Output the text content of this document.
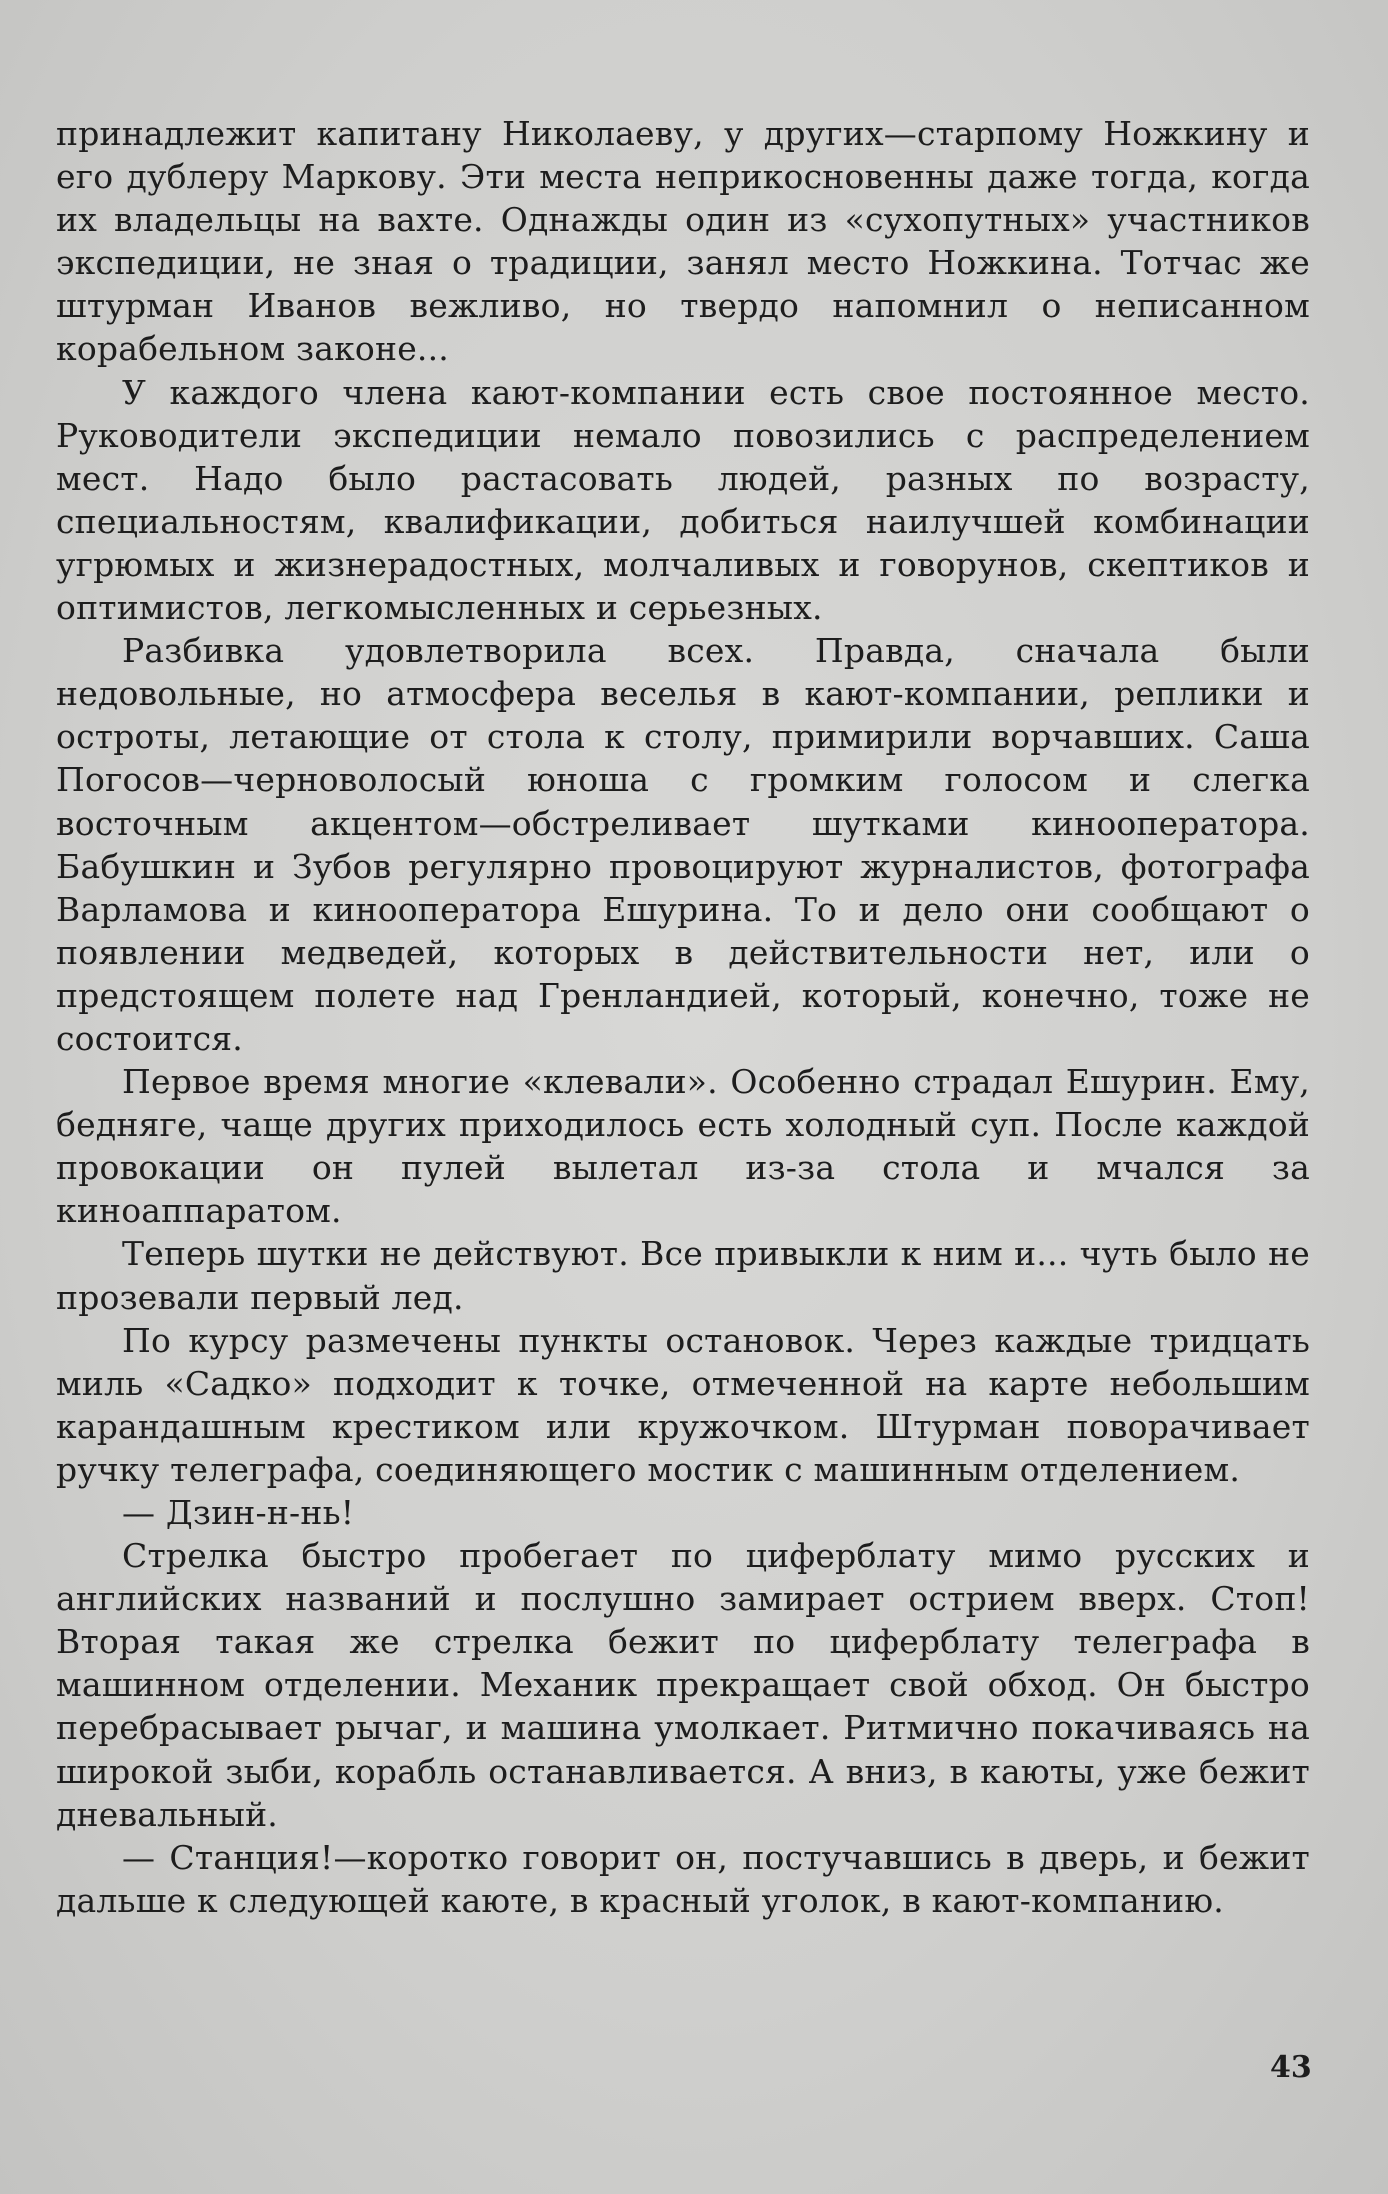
принадлежит капитану Николаеву, у других—старпому Ножкину и его дублеру Маркову. Эти места неприкосновенны даже тогда, когда их владельцы на вахте. Однажды один из «сухопутных» участников экспедиции, не зная о традиции, занял место Ножкина. Тотчас же штурман Иванов вежливо, но твердо напомнил о неписанном корабельном законе...

У каждого члена кают-компании есть свое постоянное место. Руководители экспедиции немало повозились с распределением мест. Надо было растасовать людей, разных по возрасту, специальностям, квалификации, добиться наилучшей комбинации угрюмых и жизнерадостных, молчаливых и говорунов, скептиков и оптимистов, легкомысленных и серьезных.

Разбивка удовлетворила всех. Правда, сначала были недовольные, но атмосфера веселья в кают-компании, реплики и остроты, летающие от стола к столу, примирили ворчавших. Саша Погосов—черноволосый юноша с громким голосом и слегка восточным акцентом—обстреливает шутками кинооператора. Бабушкин и Зубов регулярно провоцируют журналистов, фотографа Варламова и кинооператора Ешурина. То и дело они сообщают о появлении медведей, которых в действительности нет, или о предстоящем полете над Гренландией, который, конечно, тоже не состоится.

Первое время многие «клевали». Особенно страдал Ешурин. Ему, бедняге, чаще других приходилось есть холодный суп. После каждой провокации он пулей вылетал из-за стола и мчался за киноаппаратом.

Теперь шутки не действуют. Все привыкли к ним и... чуть было не прозевали первый лед.

По курсу размечены пункты остановок. Через каждые тридцать миль «Садко» подходит к точке, отмеченной на карте небольшим карандашным крестиком или кружочком. Штурман поворачивает ручку телеграфа, соединяющего мостик с машинным отделением.

— Дзин-н-нь!

Стрелка быстро пробегает по циферблату мимо русских и английских названий и послушно замирает острием вверх. Стоп! Вторая такая же стрелка бежит по циферблату телеграфа в машинном отделении. Механик прекращает свой обход. Он быстро перебрасывает рычаг, и машина умолкает. Ритмично покачиваясь на широкой зыби, корабль останавливается. А вниз, в каюты, уже бежит дневальный.

— Станция!—коротко говорит он, постучавшись в дверь, и бежит дальше к следующей каюте, в красный уголок, в кают-компанию.

43
